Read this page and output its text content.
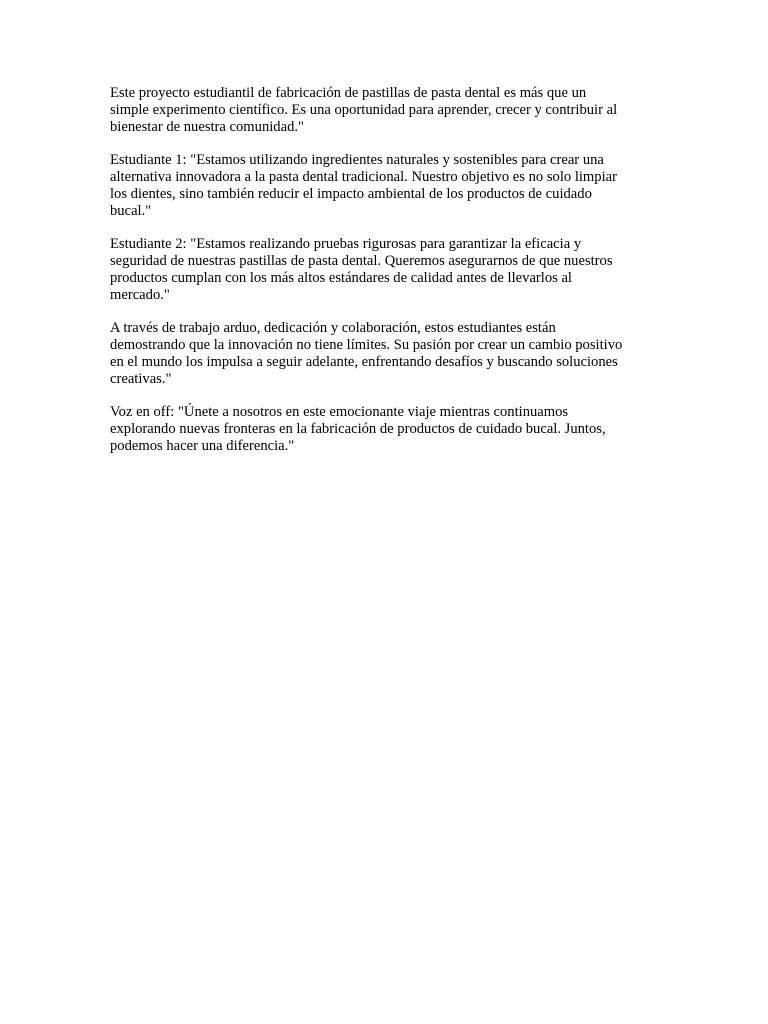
Este proyecto estudiantil de fabricación de pastillas de pasta dental es más que un
simple experimento científico. Es una oportunidad para aprender, crecer y contribuir al
bienestar de nuestra comunidad."

Estudiante 1: "Estamos utilizando ingredientes naturales y sostenibles para crear una
alternativa innovadora a la pasta dental tradicional. Nuestro objetivo es no solo limpiar
los dientes, sino también reducir el impacto ambiental de los productos de cuidado
bucal."

Estudiante 2: "Estamos realizando pruebas rigurosas para garantizar la eficacia y
seguridad de nuestras pastillas de pasta dental. Queremos asegurarnos de que nuestros
productos cumplan con los más altos estándares de calidad antes de llevarlos al
mercado."

A través de trabajo arduo, dedicación y colaboración, estos estudiantes están
demostrando que la innovación no tiene límites. Su pasión por crear un cambio positivo
en el mundo los impulsa a seguir adelante, enfrentando desafíos y buscando soluciones
creativas."

Voz en off: "Únete a nosotros en este emocionante viaje mientras continuamos
explorando nuevas fronteras en la fabricación de productos de cuidado bucal. Juntos,
podemos hacer una diferencia."
